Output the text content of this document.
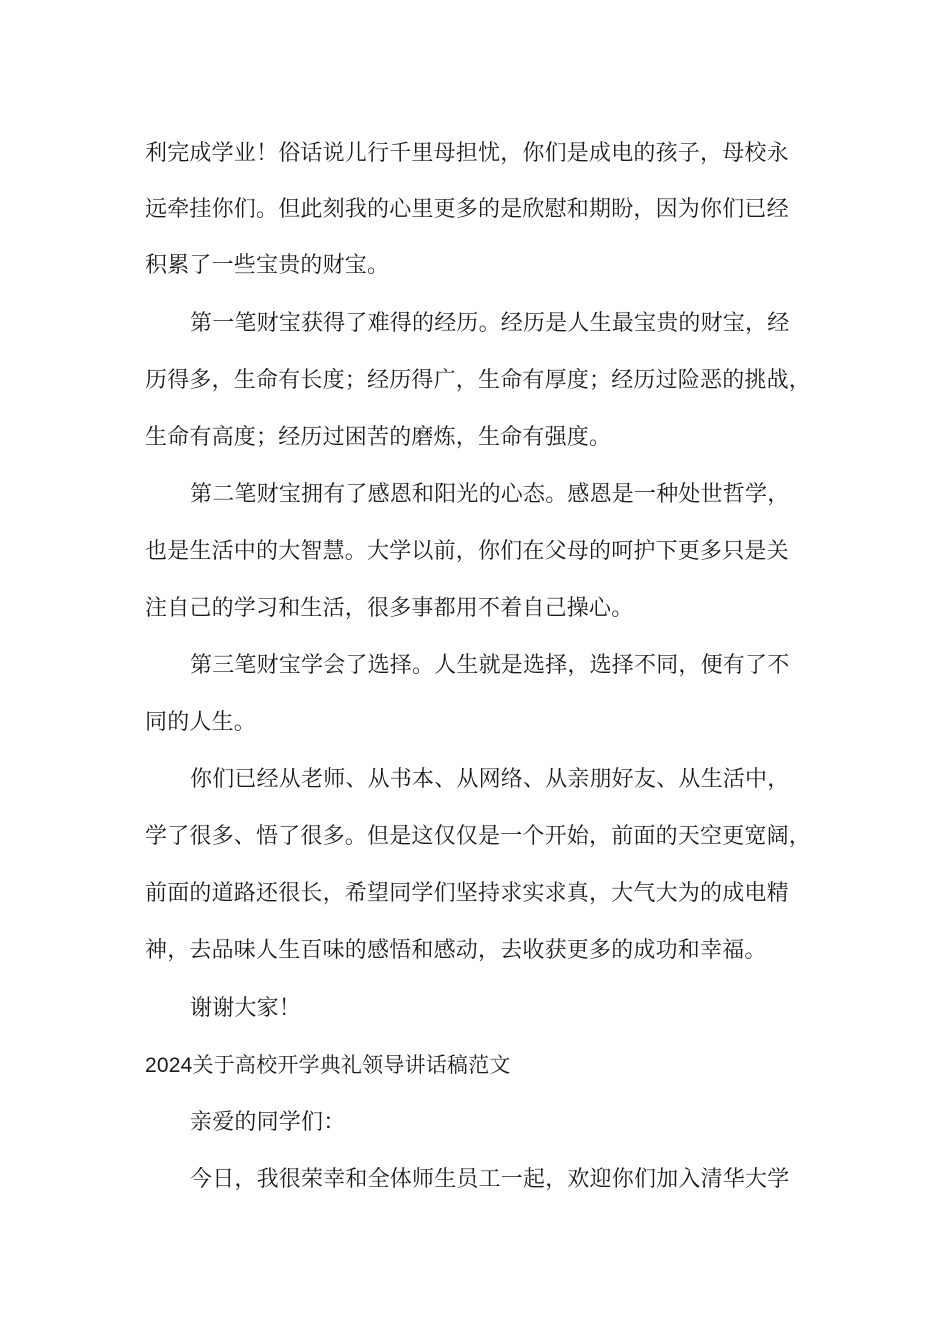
利完成学业！俗话说儿行千里母担忧，你们是成电的孩子，母校永
远牵挂你们。但此刻我的心里更多的是欣慰和期盼，因为你们已经
积累了一些宝贵的财宝。
第一笔财宝获得了难得的经历。经历是人生最宝贵的财宝，经
历得多，生命有长度；经历得广，生命有厚度；经历过险恶的挑战，
生命有高度；经历过困苦的磨炼，生命有强度。
第二笔财宝拥有了感恩和阳光的心态。感恩是一种处世哲学，
也是生活中的大智慧。大学以前，你们在父母的呵护下更多只是关
注自己的学习和生活，很多事都用不着自己操心。
第三笔财宝学会了选择。人生就是选择，选择不同，便有了不
同的人生。
你们已经从老师、从书本、从网络、从亲朋好友、从生活中，
学了很多、悟了很多。但是这仅仅是一个开始，前面的天空更宽阔，
前面的道路还很长，希望同学们坚持求实求真，大气大为的成电精
神，去品味人生百味的感悟和感动，去收获更多的成功和幸福。
谢谢大家！
2024关于高校开学典礼领导讲话稿范文
亲爱的同学们：
今日，我很荣幸和全体师生员工一起，欢迎你们加入清华大学
